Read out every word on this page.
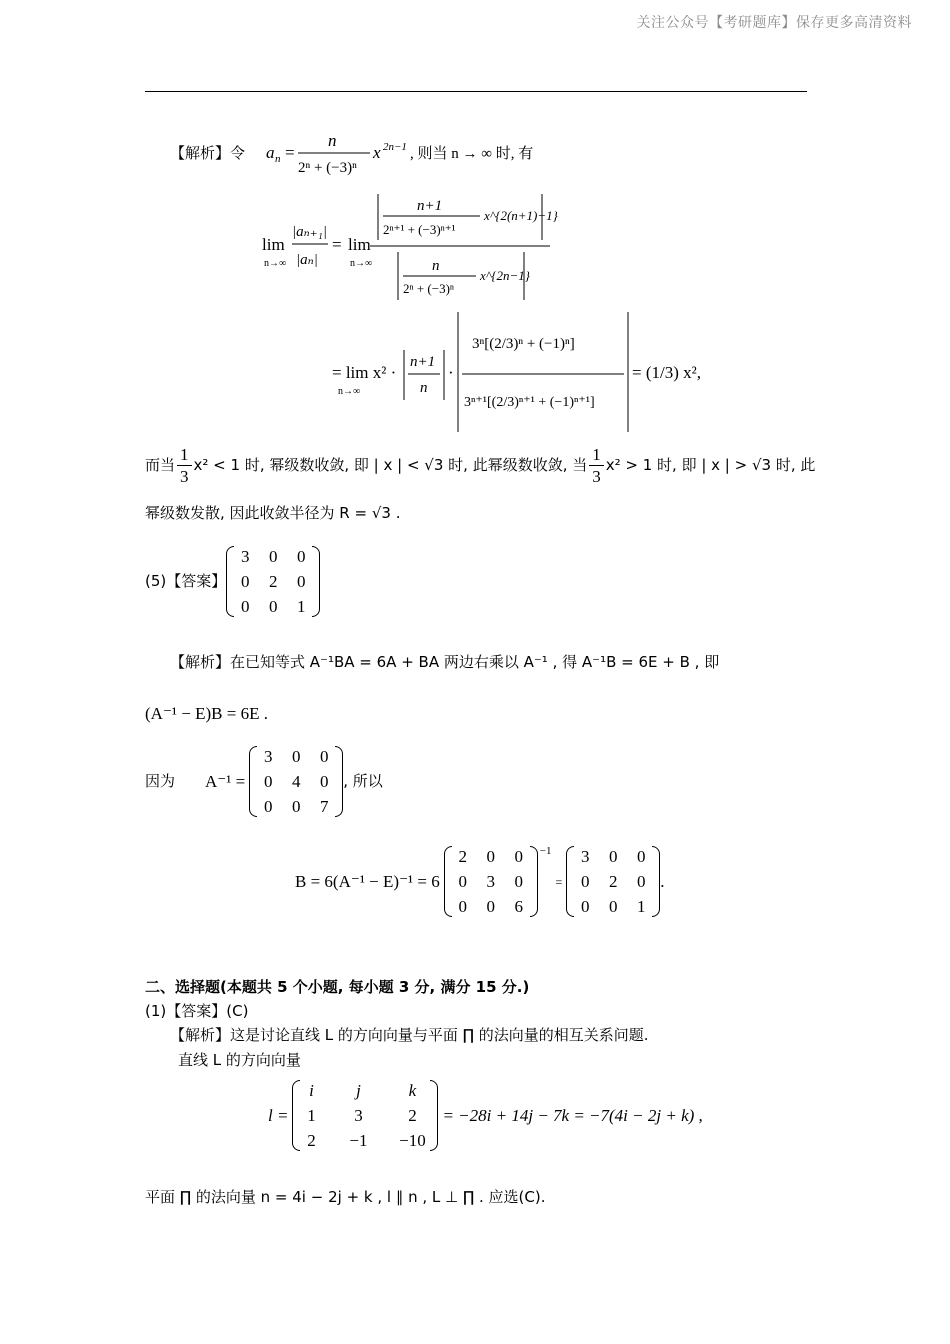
关注公众号【考研题库】保存更多高清资料
【解析】令 a n =
n
2ⁿ + (−3)ⁿ
x 2n−1 , 则当 n → ∞ 时, 有
lim
n→∞
|aₙ₊₁|
|aₙ|
= lim
n→∞
n+1
2ⁿ⁺¹ + (−3)ⁿ⁺¹
x^{2(n+1)−1}
n
2ⁿ + (−3)ⁿ
x^{2n−1}
= lim x² ·
n→∞
n+1
n
·
3ⁿ[(2/3)ⁿ + (−1)ⁿ]
3ⁿ⁺¹[(2/3)ⁿ⁺¹ + (−1)ⁿ⁺¹]
= (1/3) x²,
而当 $\frac{1}{3} x^2 < 1$ 时, 幂级数收敛, 即 | x | < √3 时, 此幂级数收敛, 当 $\frac{1}{3} x^2 > 1$ 时, 即 | x | > √3 时, 此
幂级数发散, 因此收敛半径为 R = √3 .
(5)【答案】
3 0 0
0 2 0
0 0 1
【解析】在已知等式 A⁻¹BA = 6A + BA 两边右乘以 A⁻¹ , 得 A⁻¹B = 6E + B , 即
(A⁻¹ − E)B = 6E .
因为 A⁻¹ =
3 0 0
0 4 0
0 0 7
, 所以
B = 6(A⁻¹ − E)⁻¹ = 6
2 0 0
0 3 0
0 0 6
−1
=
3 0 0
0 2 0
0 0 1
.
二、选择题(本题共 5 个小题, 每小题 3 分, 满分 15 分.)
(1)【答案】(C)
【解析】这是讨论直线 L 的方向向量与平面 ∏ 的法向量的相互关系问题.
直线 L 的方向向量
l =
i	j	k
1	3	2
2 −1 −10
= −28i + 14j − 7k = −7(4i − 2j + k) ,
平面 ∏ 的法向量 n = 4i − 2j + k , l ∥ n , L ⊥ ∏ . 应选(C).
